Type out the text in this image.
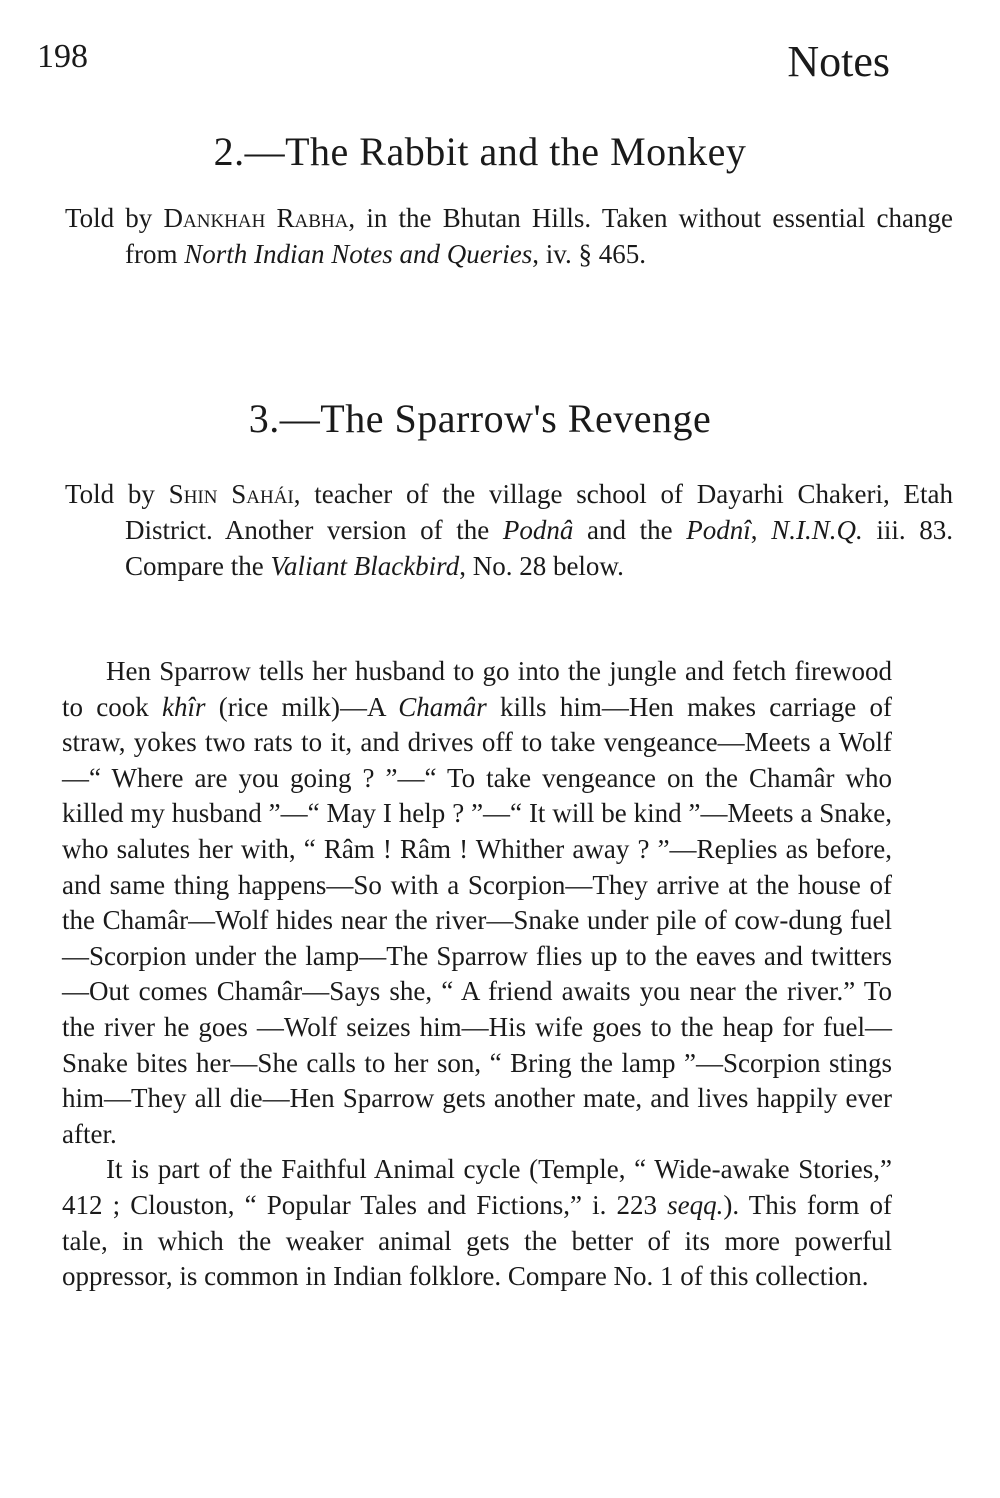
198	Notes
2.—The Rabbit and the Monkey
Told by Dankhah Rabha, in the Bhutan Hills. Taken without essential change from North Indian Notes and Queries, iv. § 465.
3.—The Sparrow's Revenge
Told by Shin Sahái, teacher of the village school of Dayarhi Chakeri, Etah District. Another version of the Podnâ and the Podnî, N.I.N.Q. iii. 83. Compare the Valiant Blackbird, No. 28 below.

Hen Sparrow tells her husband to go into the jungle and fetch firewood to cook khîr (rice milk)—A Chamâr kills him—Hen makes carriage of straw, yokes two rats to it, and drives off to take vengeance—Meets a Wolf—“ Where are you going ? ”—“ To take vengeance on the Chamâr who killed my husband ”—“ May I help ? ”—“ It will be kind ”—Meets a Snake, who salutes her with, “ Râm ! Râm ! Whither away ? ”—Replies as before, and same thing happens—So with a Scorpion—They arrive at the house of the Chamâr—Wolf hides near the river—Snake under pile of cow-dung fuel—Scorpion under the lamp—The Sparrow flies up to the eaves and twitters—Out comes Chamâr—Says she, “ A friend awaits you near the river.” To the river he goes —Wolf seizes him—His wife goes to the heap for fuel—Snake bites her—She calls to her son, “ Bring the lamp ”—Scorpion stings him—They all die—Hen Sparrow gets another mate, and lives happily ever after.

It is part of the Faithful Animal cycle (Temple, “ Wide-awake Stories,” 412 ; Clouston, “ Popular Tales and Fictions,” i. 223 seqq.). This form of tale, in which the weaker animal gets the better of its more powerful oppressor, is common in Indian folklore. Compare No. 1 of this collection.
